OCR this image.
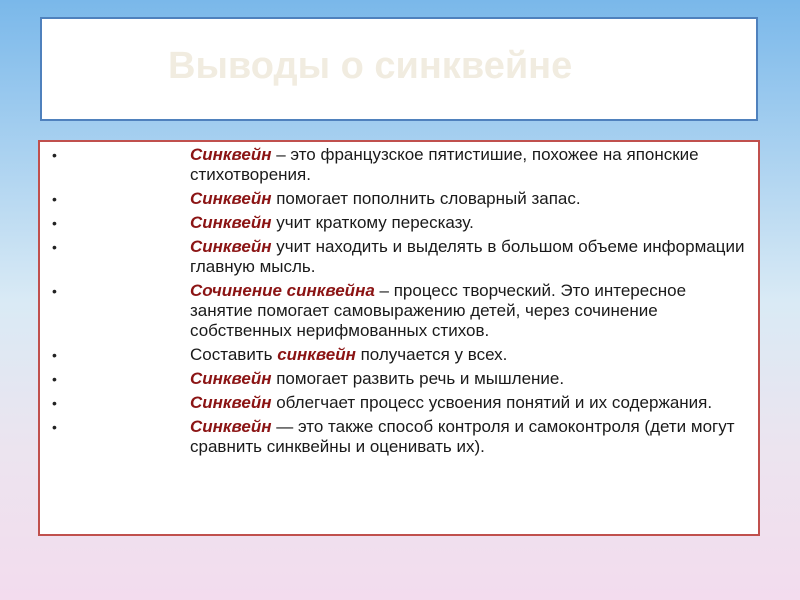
Выводы о синквейне
•	Синквейн – это французское пятистишие, похожее на японские стихотворения.
•	Синквейн помогает пополнить словарный запас.
•	Синквейн учит краткому пересказу.
•	Синквейн учит находить и выделять в большом объеме информации главную мысль.
•	Сочинение синквейна – процесс творческий. Это интересное занятие помогает самовыражению детей, через сочинение собственных нерифмованных стихов.
•	Составить синквейн получается у всех.
•	Синквейн помогает развить речь и мышление.
•	Синквейн облегчает процесс усвоения понятий и их содержания.
•	Синквейн — это также способ контроля и самоконтроля (дети могут сравнить синквейны и оценивать их).
